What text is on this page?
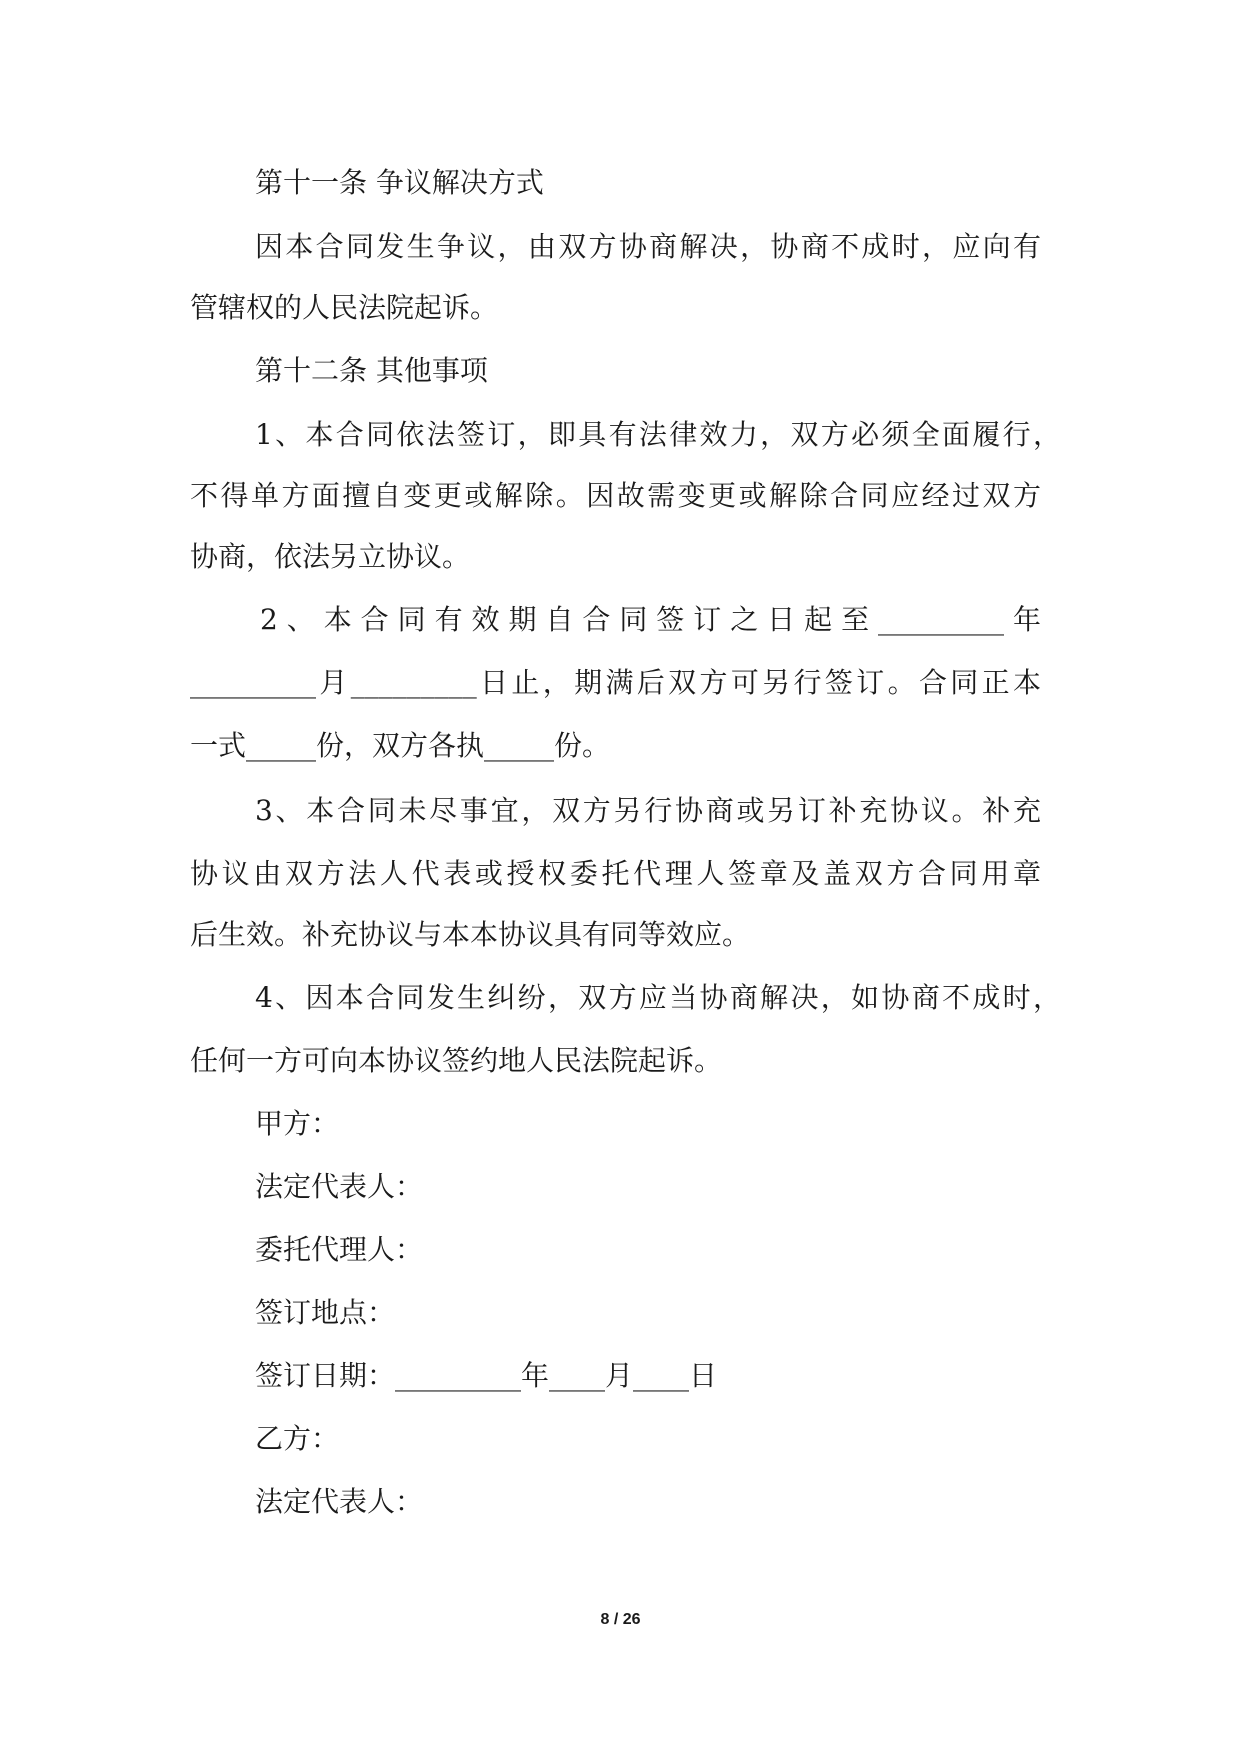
第十一条 争议解决方式
因本合同发生争议，由双方协商解决，协商不成时，应向有
管辖权的人民法院起诉。
第十二条 其他事项
1、本合同依法签订，即具有法律效力，双方必须全面履行，
不得单方面擅自变更或解除。因故需变更或解除合同应经过双方
协商，依法另立协议。
2、本合同有效期自合同签订之日起至_________年
_________月_________日止，期满后双方可另行签订。合同正本
一式_____份，双方各执_____份。
3、本合同未尽事宜，双方另行协商或另订补充协议。补充
协议由双方法人代表或授权委托代理人签章及盖双方合同用章
后生效。补充协议与本本协议具有同等效应。
4、因本合同发生纠纷，双方应当协商解决，如协商不成时，
任何一方可向本协议签约地人民法院起诉。
甲方：
法定代表人：
委托代理人：
签订地点：
签订日期：_________年____月____日
乙方：
法定代表人：
8 / 26
